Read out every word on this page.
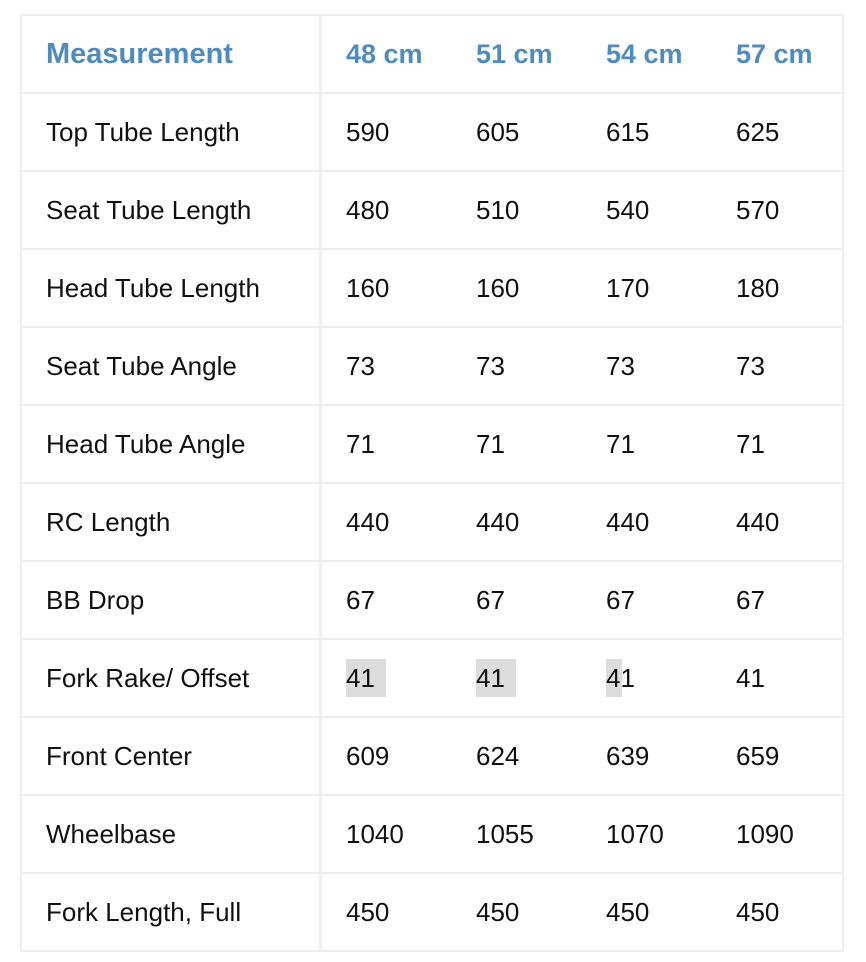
Measurement	48 cm	51 cm	54 cm	57 cm
Top Tube Length	590	605	615	625
Seat Tube Length	480	510	540	570
Head Tube Length	160	160	170	180
Seat Tube Angle	73	73	73	73
Head Tube Angle	71	71	71	71
RC Length	440	440	440	440
BB Drop	67	67	67	67
Fork Rake/ Offset	41	41	41	41
Front Center	609	624	639	659
Wheelbase	1040	1055	1070	1090
Fork Length, Full	450	450	450	450
